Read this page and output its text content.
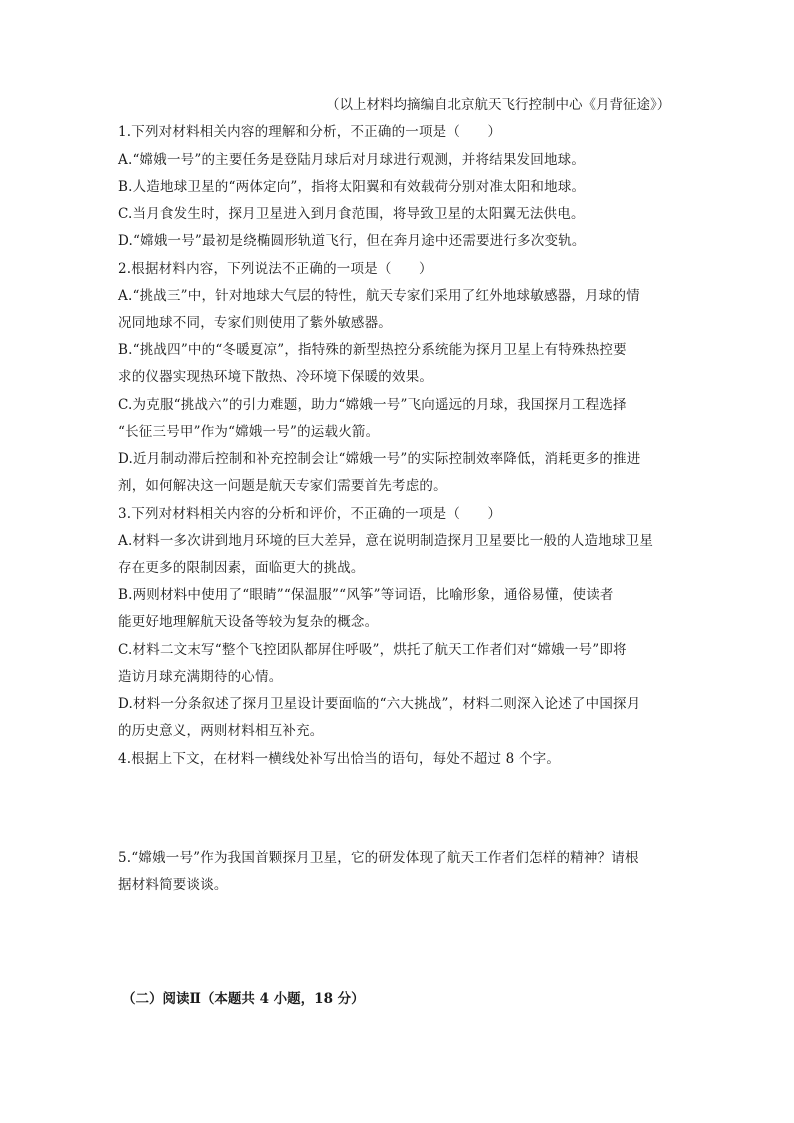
（以上材料均摘编自北京航天飞行控制中心《月背征途》）
1.下列对材料相关内容的理解和分析，不正确的一项是（　　）
A.“嫦娥一号”的主要任务是登陆月球后对月球进行观测，并将结果发回地球。
B.人造地球卫星的“两体定向”，指将太阳翼和有效载荷分别对准太阳和地球。
C.当月食发生时，探月卫星进入到月食范围，将导致卫星的太阳翼无法供电。
D.“嫦娥一号”最初是绕椭圆形轨道飞行，但在奔月途中还需要进行多次变轨。
2.根据材料内容，下列说法不正确的一项是（　　）
A.“挑战三”中，针对地球大气层的特性，航天专家们采用了红外地球敏感器，月球的情
况同地球不同，专家们则使用了紫外敏感器。
B.“挑战四”中的“冬暖夏凉”，指特殊的新型热控分系统能为探月卫星上有特殊热控要
求的仪器实现热环境下散热、冷环境下保暖的效果。
C.为克服“挑战六”的引力难题，助力“嫦娥一号”飞向遥远的月球，我国探月工程选择
“长征三号甲”作为“嫦娥一号”的运载火箭。
D.近月制动滞后控制和补充控制会让“嫦娥一号”的实际控制效率降低，消耗更多的推进
剂，如何解决这一问题是航天专家们需要首先考虑的。
3.下列对材料相关内容的分析和评价，不正确的一项是（　　）
A.材料一多次讲到地月环境的巨大差异，意在说明制造探月卫星要比一般的人造地球卫星
存在更多的限制因素，面临更大的挑战。
B.两则材料中使用了“眼睛”“保温服”“风筝”等词语，比喻形象，通俗易懂，使读者
能更好地理解航天设备等较为复杂的概念。
C.材料二文末写“整个飞控团队都屏住呼吸”，烘托了航天工作者们对“嫦娥一号”即将
造访月球充满期待的心情。
D.材料一分条叙述了探月卫星设计要面临的“六大挑战”，材料二则深入论述了中国探月
的历史意义，两则材料相互补充。
4.根据上下文，在材料一横线处补写出恰当的语句，每处不超过 8 个字。
5.“嫦娥一号”作为我国首颗探月卫星，它的研发体现了航天工作者们怎样的精神？请根
据材料简要谈谈。
（二）阅读Ⅱ（本题共 4 小题，18 分）
